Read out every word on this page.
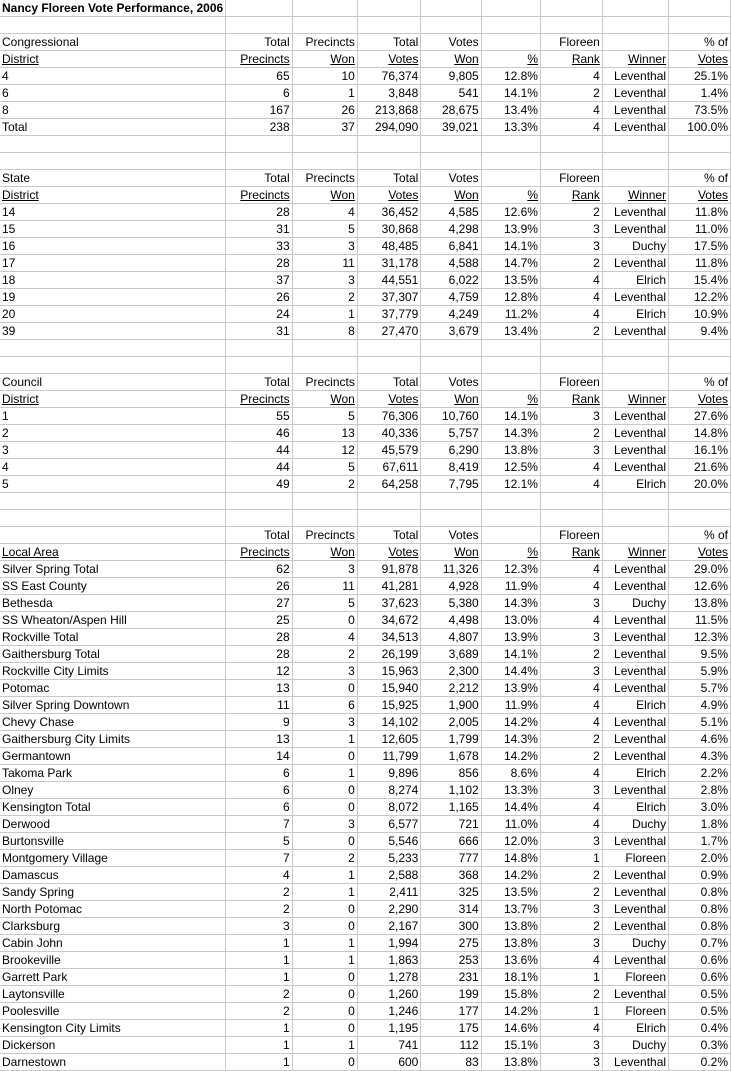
Nancy Floreen Vote Performance, 2006								

Congressional	Total	Precincts	Total	Votes		Floreen		% of
District	Precincts	Won	Votes	Won	%	Rank	Winner	Votes
4	65	10	76,374	9,805	12.8%	4	Leventhal	25.1%
6	6	1	3,848	541	14.1%	2	Leventhal	1.4%
8	167	26	213,868	28,675	13.4%	4	Leventhal	73.5%
Total	238	37	294,090	39,021	13.3%	4	Leventhal	100.0%

State	Total	Precincts	Total	Votes		Floreen		% of
District	Precincts	Won	Votes	Won	%	Rank	Winner	Votes
14	28	4	36,452	4,585	12.6%	2	Leventhal	11.8%
15	31	5	30,868	4,298	13.9%	3	Leventhal	11.0%
16	33	3	48,485	6,841	14.1%	3	Duchy	17.5%
17	28	11	31,178	4,588	14.7%	2	Leventhal	11.8%
18	37	3	44,551	6,022	13.5%	4	Elrich	15.4%
19	26	2	37,307	4,759	12.8%	4	Leventhal	12.2%
20	24	1	37,779	4,249	11.2%	4	Elrich	10.9%
39	31	8	27,470	3,679	13.4%	2	Leventhal	9.4%

Council	Total	Precincts	Total	Votes		Floreen		% of
District	Precincts	Won	Votes	Won	%	Rank	Winner	Votes
1	55	5	76,306	10,760	14.1%	3	Leventhal	27.6%
2	46	13	40,336	5,757	14.3%	2	Leventhal	14.8%
3	44	12	45,579	6,290	13.8%	3	Leventhal	16.1%
4	44	5	67,611	8,419	12.5%	4	Leventhal	21.6%
5	49	2	64,258	7,795	12.1%	4	Elrich	20.0%

	Total	Precincts	Total	Votes		Floreen		% of
Local Area	Precincts	Won	Votes	Won	%	Rank	Winner	Votes
Silver Spring Total	62	3	91,878	11,326	12.3%	4	Leventhal	29.0%
SS East County	26	11	41,281	4,928	11.9%	4	Leventhal	12.6%
Bethesda	27	5	37,623	5,380	14.3%	3	Duchy	13.8%
SS Wheaton/Aspen Hill	25	0	34,672	4,498	13.0%	4	Leventhal	11.5%
Rockville Total	28	4	34,513	4,807	13.9%	3	Leventhal	12.3%
Gaithersburg Total	28	2	26,199	3,689	14.1%	2	Leventhal	9.5%
Rockville City Limits	12	3	15,963	2,300	14.4%	3	Leventhal	5.9%
Potomac	13	0	15,940	2,212	13.9%	4	Leventhal	5.7%
Silver Spring Downtown	11	6	15,925	1,900	11.9%	4	Elrich	4.9%
Chevy Chase	9	3	14,102	2,005	14.2%	4	Leventhal	5.1%
Gaithersburg City Limits	13	1	12,605	1,799	14.3%	2	Leventhal	4.6%
Germantown	14	0	11,799	1,678	14.2%	2	Leventhal	4.3%
Takoma Park	6	1	9,896	856	8.6%	4	Elrich	2.2%
Olney	6	0	8,274	1,102	13.3%	3	Leventhal	2.8%
Kensington Total	6	0	8,072	1,165	14.4%	4	Elrich	3.0%
Derwood	7	3	6,577	721	11.0%	4	Duchy	1.8%
Burtonsville	5	0	5,546	666	12.0%	3	Leventhal	1.7%
Montgomery Village	7	2	5,233	777	14.8%	1	Floreen	2.0%
Damascus	4	1	2,588	368	14.2%	2	Leventhal	0.9%
Sandy Spring	2	1	2,411	325	13.5%	2	Leventhal	0.8%
North Potomac	2	0	2,290	314	13.7%	3	Leventhal	0.8%
Clarksburg	3	0	2,167	300	13.8%	2	Leventhal	0.8%
Cabin John	1	1	1,994	275	13.8%	3	Duchy	0.7%
Brookeville	1	1	1,863	253	13.6%	4	Leventhal	0.6%
Garrett Park	1	0	1,278	231	18.1%	1	Floreen	0.6%
Laytonsville	2	0	1,260	199	15.8%	2	Leventhal	0.5%
Poolesville	2	0	1,246	177	14.2%	1	Floreen	0.5%
Kensington City Limits	1	0	1,195	175	14.6%	4	Elrich	0.4%
Dickerson	1	1	741	112	15.1%	3	Duchy	0.3%
Darnestown	1	0	600	83	13.8%	3	Leventhal	0.2%
